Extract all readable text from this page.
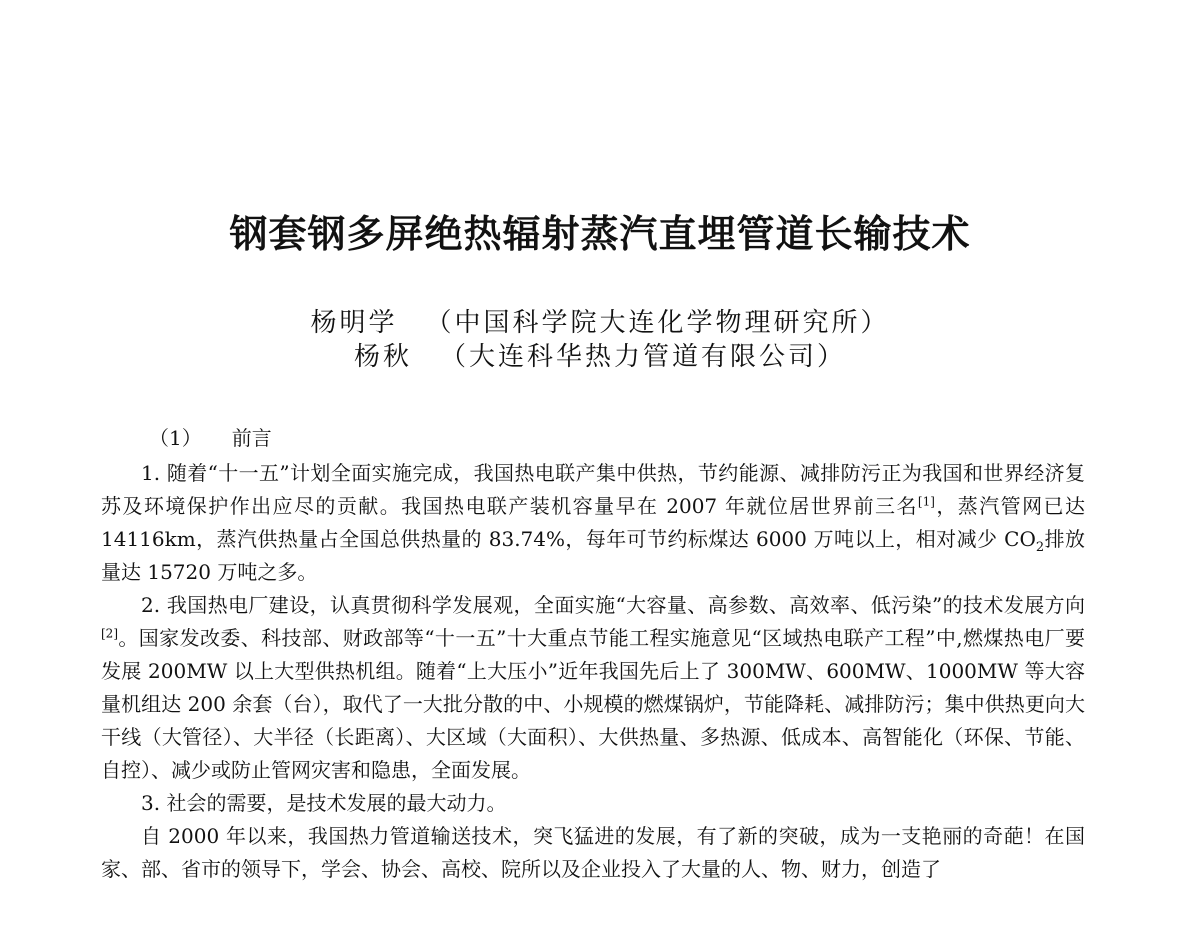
钢套钢多屏绝热辐射蒸汽直埋管道长输技术
杨明学 （中国科学院大连化学物理研究所）
杨秋 （大连科华热力管道有限公司）
（1） 前言

1. 随着“十一五”计划全面实施完成，我国热电联产集中供热，节约能源、减排防污正为我国和世界经济复苏及环境保护作出应尽的贡献。我国热电联产装机容量早在 2007 年就位居世界前三名[1]，蒸汽管网已达 14116km，蒸汽供热量占全国总供热量的 83.74%，每年可节约标煤达 6000 万吨以上，相对减少 $CO_2$排放量达 15720 万吨之多。

2. 我国热电厂建设，认真贯彻科学发展观，全面实施“大容量、高参数、高效率、低污染”的技术发展方向[2]。国家发改委、科技部、财政部等“十一五”十大重点节能工程实施意见“区域热电联产工程”中,燃煤热电厂要发展 200MW 以上大型供热机组。随着“上大压小”近年我国先后上了 300MW、600MW、1000MW 等大容量机组达 200 余套（台），取代了一大批分散的中、小规模的燃煤锅炉，节能降耗、减排防污；集中供热更向大干线（大管径）、大半径（长距离）、大区域（大面积）、大供热量、多热源、低成本、高智能化（环保、节能、自控）、减少或防止管网灾害和隐患，全面发展。

3. 社会的需要，是技术发展的最大动力。

自 2000 年以来，我国热力管道输送技术，突飞猛进的发展，有了新的突破，成为一支艳丽的奇葩！在国家、部、省市的领导下，学会、协会、高校、院所以及企业投入了大量的人、物、财力，创造了
